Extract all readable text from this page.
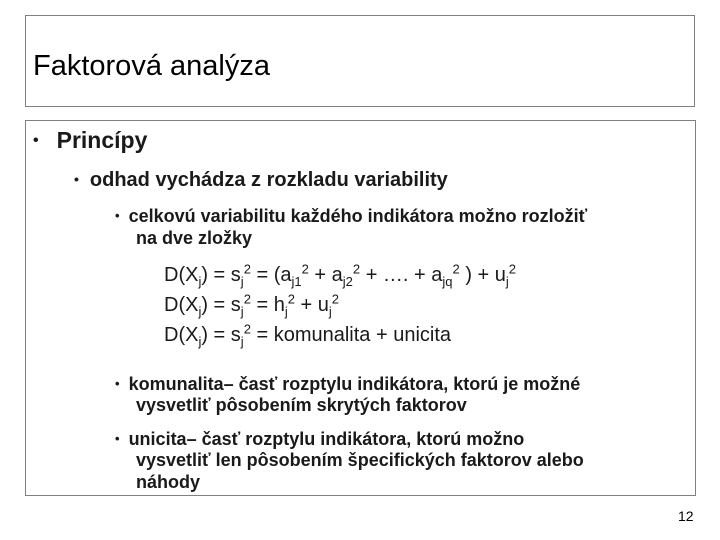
Faktorová analýza
• Princípy
• odhad vychádza z rozkladu variability
• celkovú variabilitu každého indikátora možno rozložiť
na dve zložky
$D(X_j) = s_j^2 = (a_{j1}^2 + a_{j2}^2$ + …. + $a_{jq}^2$ ) + $u_j^2$
$D(X_j) = s_j^2 = h_j^2 + u_j^2$
$D(X_j) = s_j^2$ = komunalita + unicita
• komunalita– časť rozptylu indikátora, ktorú je možné
vysvetliť pôsobením skrytých faktorov
• unicita– časť rozptylu indikátora, ktorú možno
vysvetliť len pôsobením špecifických faktorov alebo
náhody
12
